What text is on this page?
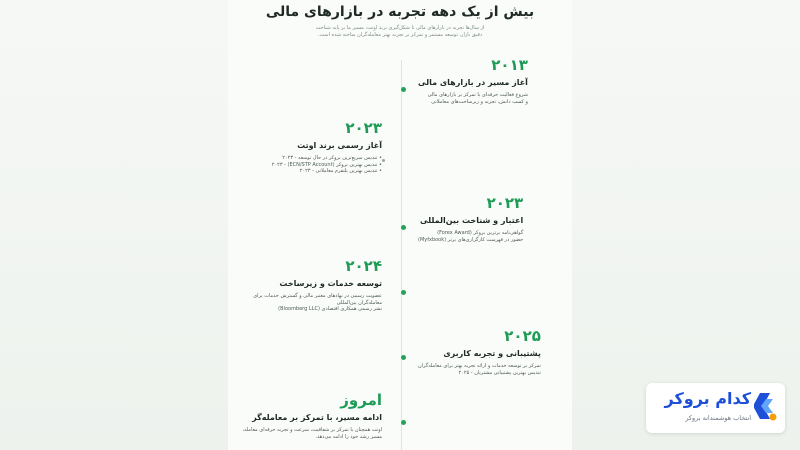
بیش از یک دهه تجربه در بازارهای مالی

از سال‌ها تجربه در بازارهای مالی تا شکل‌گیری برند اوتت، مسیر ما بر پایه شناخت

دقیق بازار، توسعه مستمر و تمرکز بر تجربه بهتر معامله‌گران ساخته شده است.

۲۰۱۳
آغاز مسیر در بازارهای مالی
شروع فعالیت حرفه‌ای با تمرکز بر بازارهای مالی
و کسب دانش، تجربه و زیرساخت‌های معاملاتی
۲۰۲۳
آغاز رسمی برند اوتت
• تندیس سریع‌ترین بروکر در حال توسعه - ۲۰۲۳
• تندیس بهترین بروکر (ECN/STP Account) - ۲۰۲۳
• تندیس بهترین پلتفرم معاملاتی - ۲۰۲۳
۲۰۲۳
اعتبار و شناخت بین‌المللی
گواهی‌نامه برترین بروکر (Forex Award)
حضور در فهرست کارگزاری‌های برتر (Myfxbook)
۲۰۲۴
توسعه خدمات و زیرساخت
عضویت رسمی در نهادهای معتبر مالی و گسترش خدمات برای
معامله‌گران بین‌المللی
نشر رسمی همکاری اقتصادی (Bloomberg LLC)
۲۰۲۵
پشتیبانی و تجربه کاربری
تمرکز بر توسعه خدمات و ارائه تجربه بهتر برای معامله‌گران
تندیس بهترین پشتیبانی مشتریان - ۲۰۲۵
امروز
ادامه مسیر، با تمرکز بر معامله‌گر
اوتت همچنان با تمرکز بر شفافیت، سرعت و تجربه حرفه‌ای معامله،
مسیر رشد خود را ادامه می‌دهد.
کدام بروکر
انتخاب هوشمندانه بروکر
